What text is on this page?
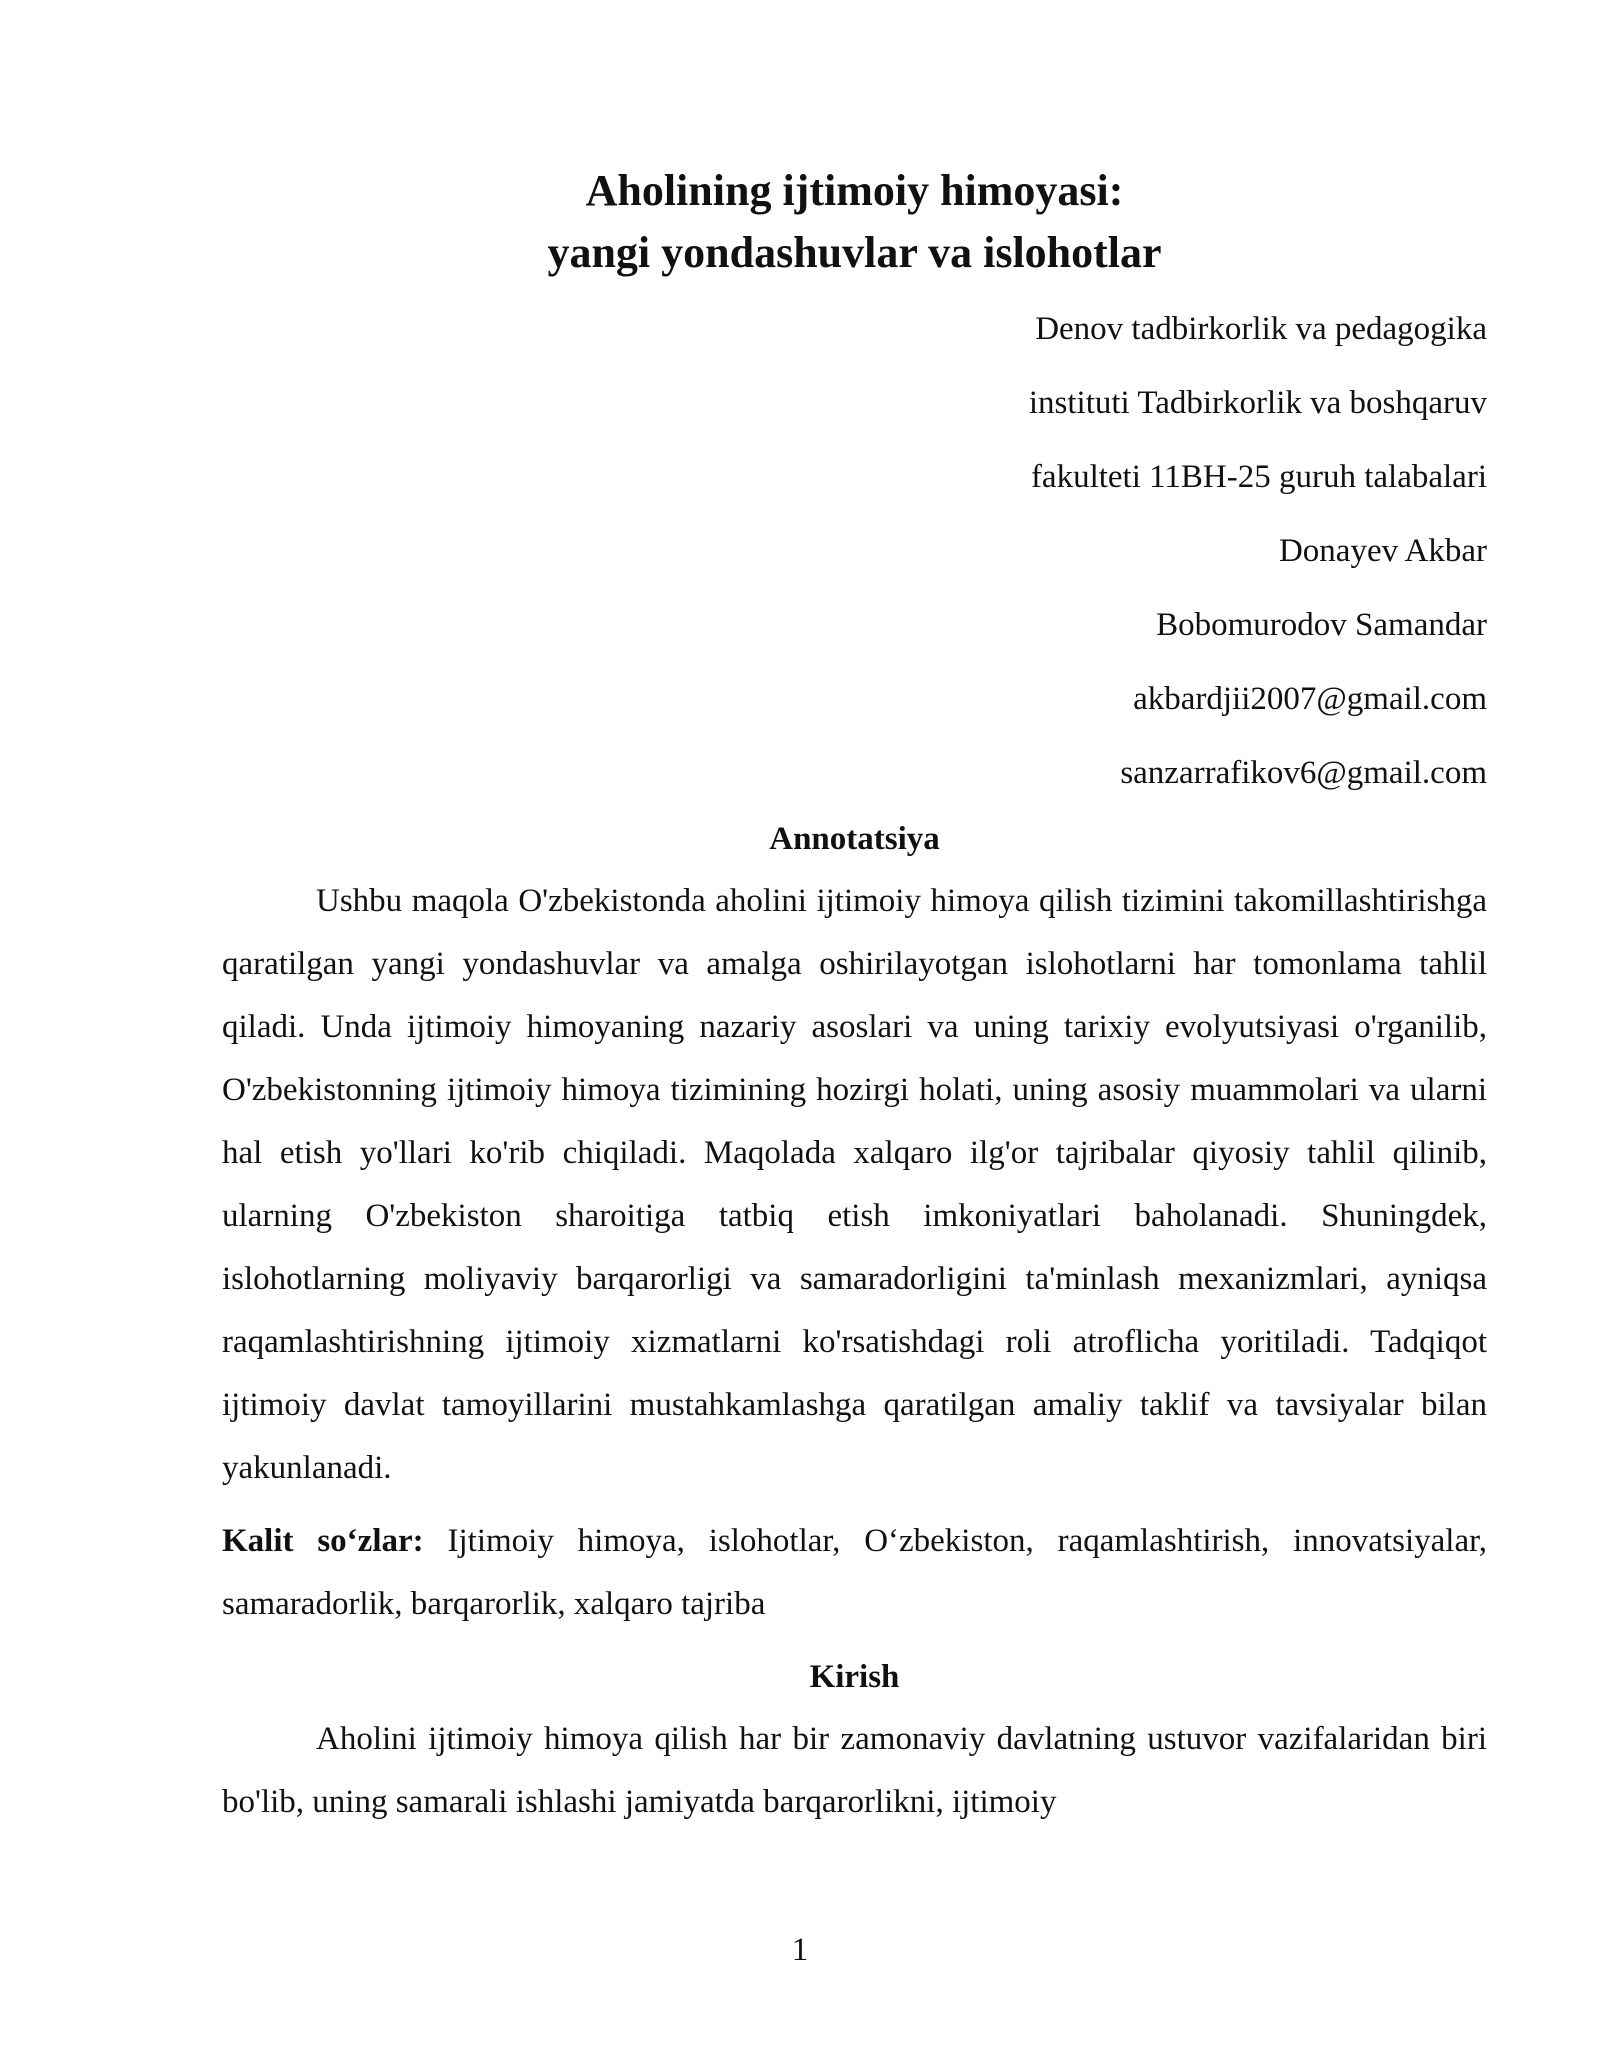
Aholining ijtimoiy himoyasi:
yangi yondashuvlar va islohotlar
Denov tadbirkorlik va pedagogika
instituti Tadbirkorlik va boshqaruv
fakulteti 11BH-25 guruh talabalari
Donayev Akbar
Bobomurodov Samandar
akbardjii2007@gmail.com
sanzarrafikov6@gmail.com
Annotatsiya

Ushbu maqola O'zbekistonda aholini ijtimoiy himoya qilish tizimini takomillashtirishga qaratilgan yangi yondashuvlar va amalga oshirilayotgan islohotlarni har tomonlama tahlil qiladi. Unda ijtimoiy himoyaning nazariy asoslari va uning tarixiy evolyutsiyasi o'rganilib, O'zbekistonning ijtimoiy himoya tizimining hozirgi holati, uning asosiy muammolari va ularni hal etish yo'llari ko'rib chiqiladi. Maqolada xalqaro ilg'or tajribalar qiyosiy tahlil qilinib, ularning O'zbekiston sharoitiga tatbiq etish imkoniyatlari baholanadi. Shuningdek, islohotlarning moliyaviy barqarorligi va samaradorligini ta'minlash mexanizmlari, ayniqsa raqamlashtirishning ijtimoiy xizmatlarni ko'rsatishdagi roli atroflicha yoritiladi. Tadqiqot ijtimoiy davlat tamoyillarini mustahkamlashga qaratilgan amaliy taklif va tavsiyalar bilan yakunlanadi.

Kalit so‘zlar: Ijtimoiy himoya, islohotlar, O‘zbekiston, raqamlashtirish, innovatsiyalar, samaradorlik, barqarorlik, xalqaro tajriba

Kirish

Aholini ijtimoiy himoya qilish har bir zamonaviy davlatning ustuvor vazifalaridan biri bo'lib, uning samarali ishlashi jamiyatda barqarorlikni, ijtimoiy

1
